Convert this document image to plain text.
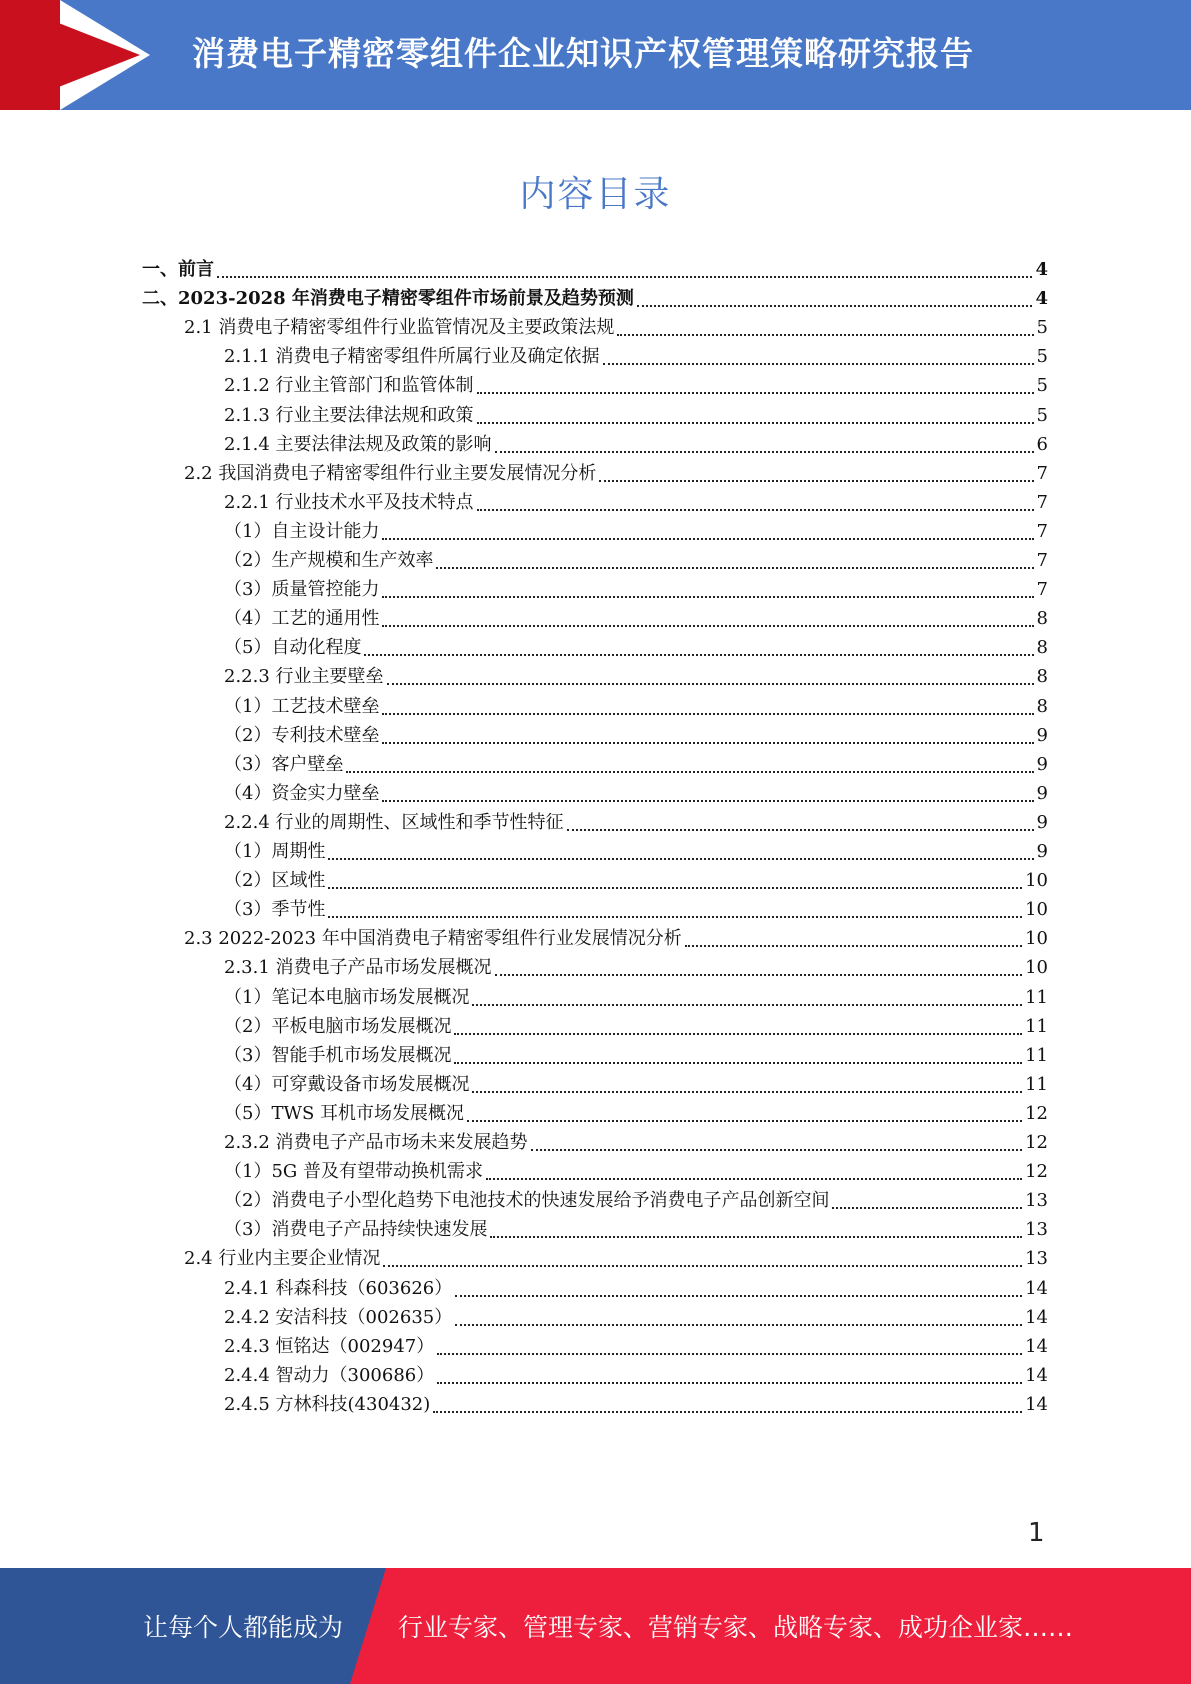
消费电子精密零组件企业知识产权管理策略研究报告
内容目录
一、前言	4
二、2023-2028 年消费电子精密零组件市场前景及趋势预测	4
2.1 消费电子精密零组件行业监管情况及主要政策法规	5
2.1.1 消费电子精密零组件所属行业及确定依据	5
2.1.2 行业主管部门和监管体制	5
2.1.3 行业主要法律法规和政策	5
2.1.4 主要法律法规及政策的影响	6
2.2 我国消费电子精密零组件行业主要发展情况分析	7
2.2.1 行业技术水平及技术特点	7
（1）自主设计能力	7
（2）生产规模和生产效率	7
（3）质量管控能力	7
（4）工艺的通用性	8
（5）自动化程度	8
2.2.3 行业主要壁垒	8
（1）工艺技术壁垒	8
（2）专利技术壁垒	9
（3）客户壁垒	9
（4）资金实力壁垒	9
2.2.4 行业的周期性、区域性和季节性特征	9
（1）周期性	9
（2）区域性	10
（3）季节性	10
2.3 2022-2023 年中国消费电子精密零组件行业发展情况分析	10
2.3.1 消费电子产品市场发展概况	10
（1）笔记本电脑市场发展概况	11
（2）平板电脑市场发展概况	11
（3）智能手机市场发展概况	11
（4）可穿戴设备市场发展概况	11
（5）TWS 耳机市场发展概况	12
2.3.2 消费电子产品市场未来发展趋势	12
（1）5G 普及有望带动换机需求	12
（2）消费电子小型化趋势下电池技术的快速发展给予消费电子产品创新空间	13
（3）消费电子产品持续快速发展	13
2.4 行业内主要企业情况	13
2.4.1 科森科技（603626）	14
2.4.2 安洁科技（002635）	14
2.4.3 恒铭达（002947）	14
2.4.4 智动力（300686）	14
2.4.5 方林科技(430432)	14
1
让每个人都能成为 行业专家、管理专家、营销专家、战略专家、成功企业家……
